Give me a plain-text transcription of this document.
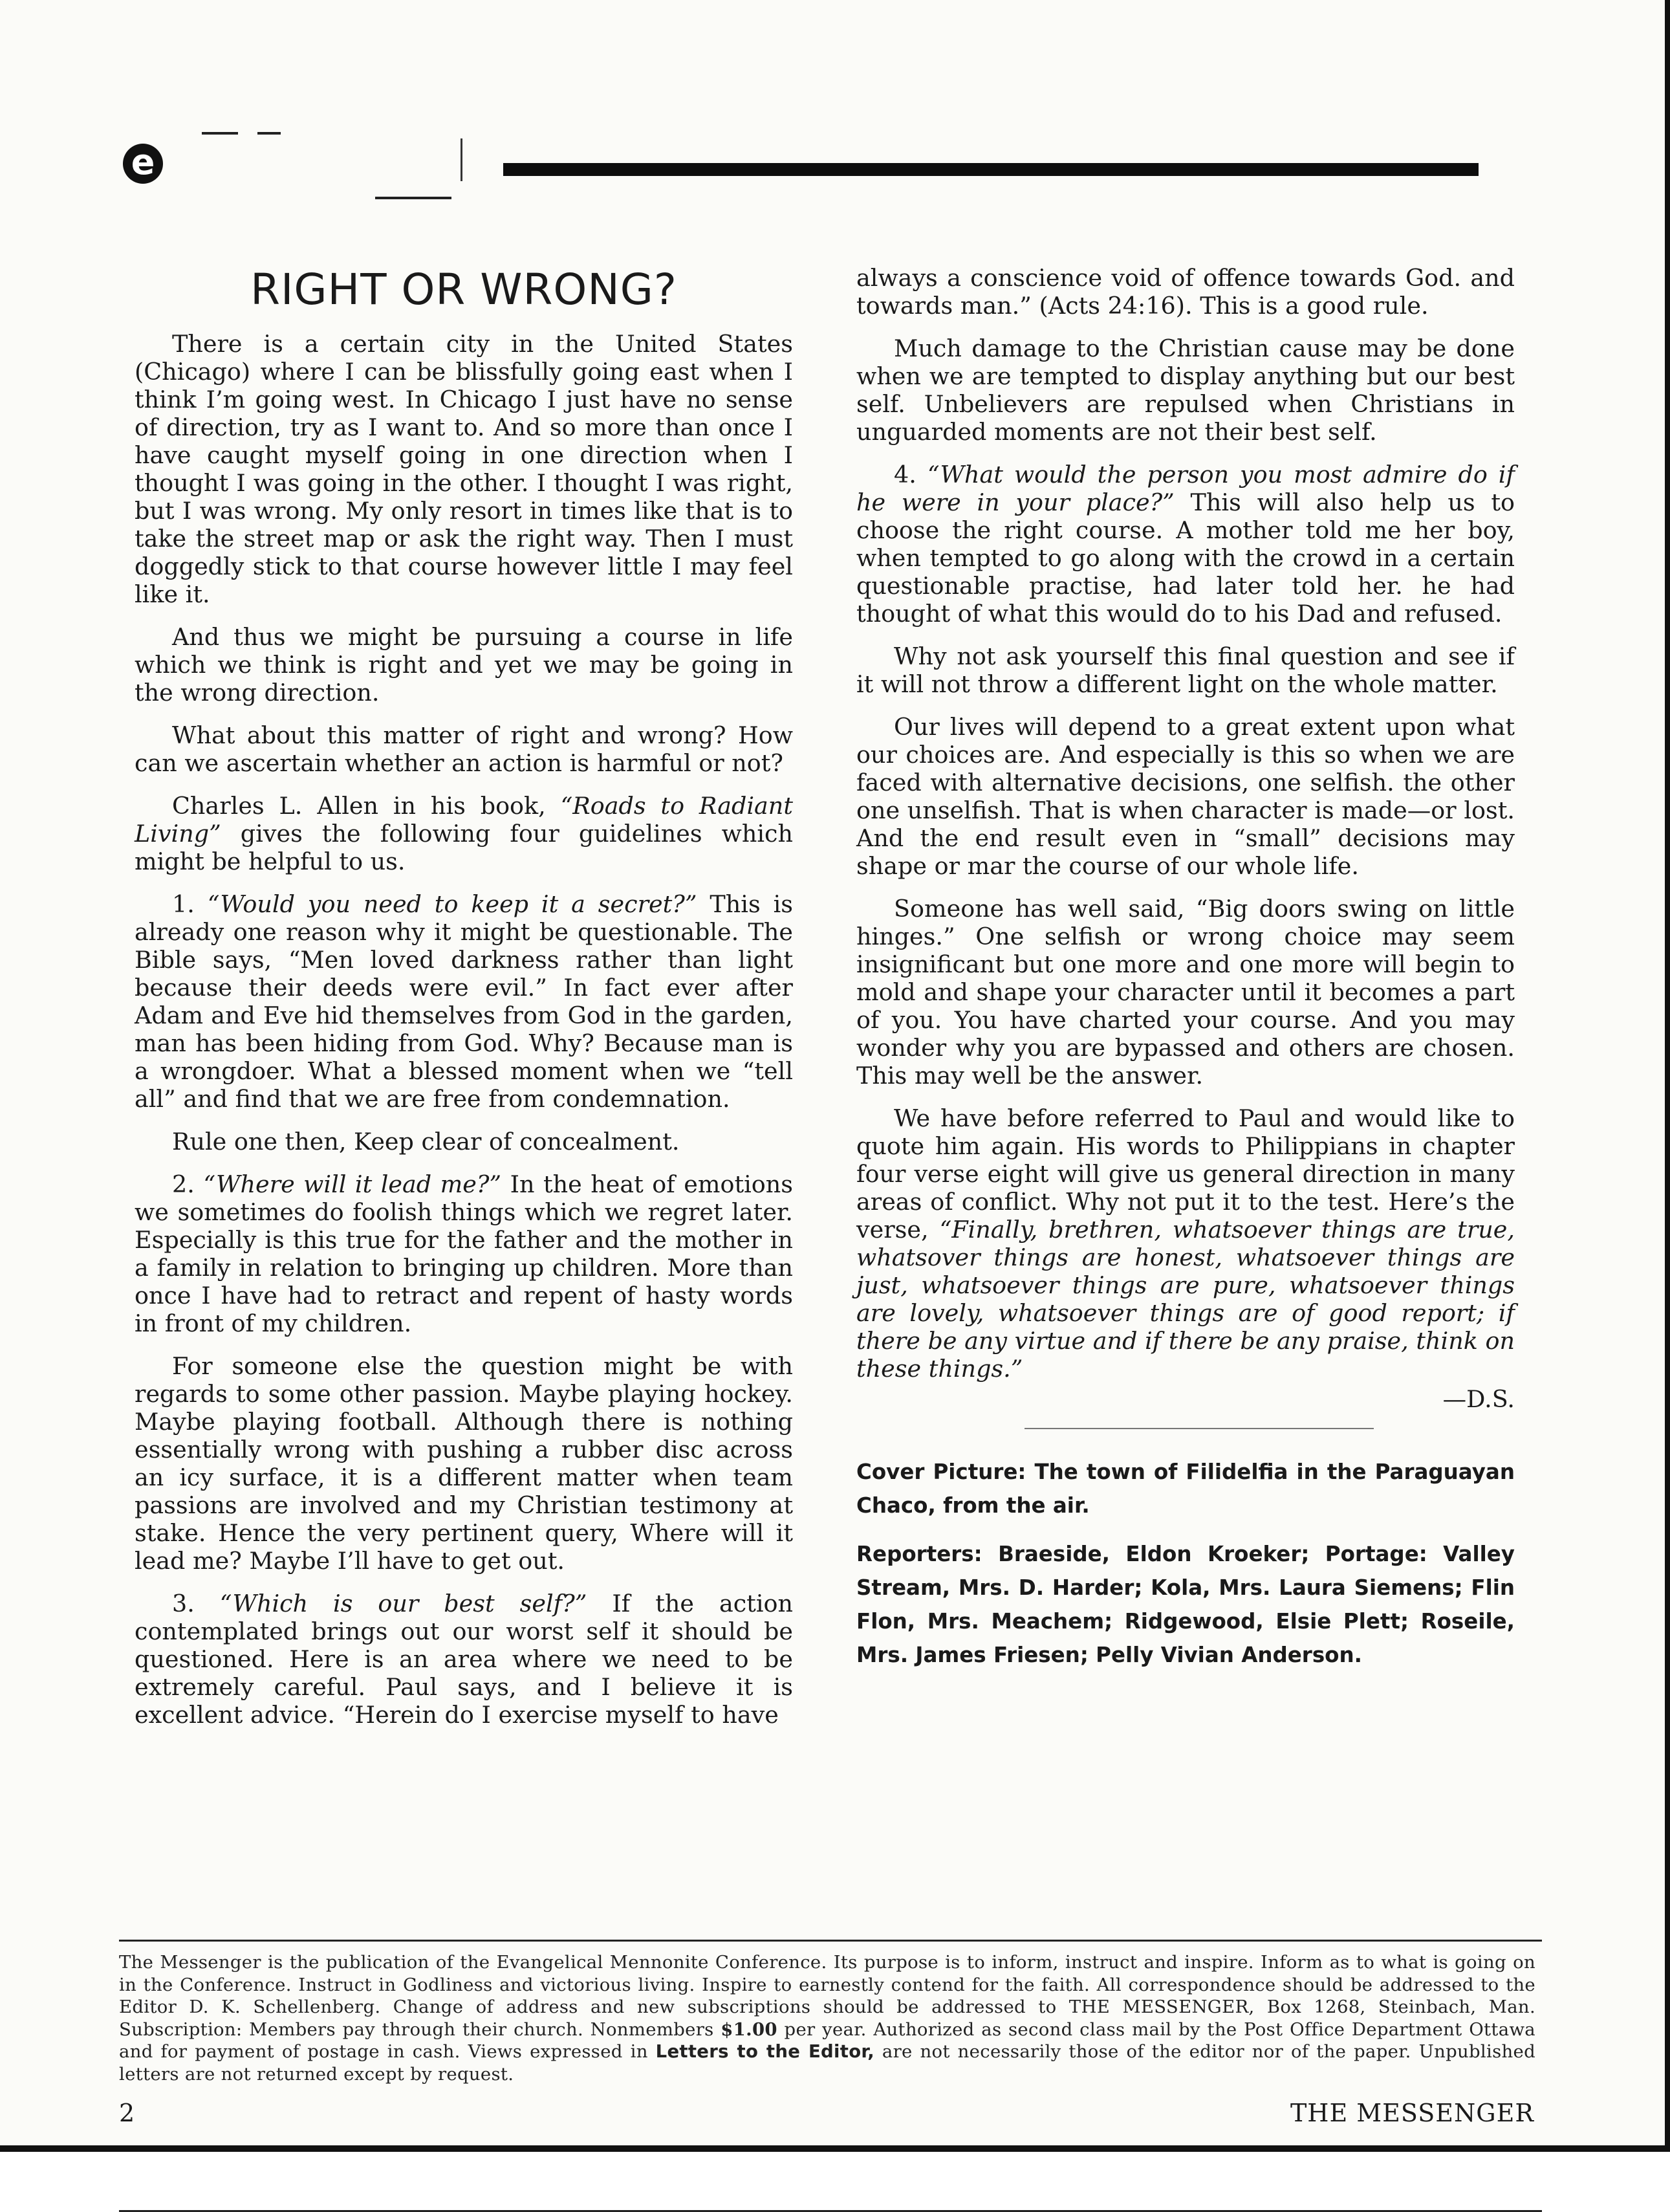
e
RIGHT OR WRONG?

There is a certain city in the United States (Chicago) where I can be blissfully going east when I think I’m going west. In Chicago I just have no sense of direction, try as I want to. And so more than once I have caught myself going in one direction when I thought I was going in the other. I thought I was right, but I was wrong. My only resort in times like that is to take the street map or ask the right way. Then I must doggedly stick to that course however little I may feel like it.

And thus we might be pursuing a course in life which we think is right and yet we may be going in the wrong direction.

What about this matter of right and wrong? How can we ascertain whether an action is harmful or not?

Charles L. Allen in his book, “Roads to Radiant Living” gives the following four guidelines which might be helpful to us.

1. “Would you need to keep it a secret?” This is already one reason why it might be questionable. The Bible says, “Men loved darkness rather than light because their deeds were evil.” In fact ever after Adam and Eve hid themselves from God in the garden, man has been hiding from God. Why? Because man is a wrongdoer. What a blessed moment when we “tell all” and find that we are free from condemnation.

Rule one then, Keep clear of concealment.

2. “Where will it lead me?” In the heat of emotions we sometimes do foolish things which we regret later. Especially is this true for the father and the mother in a family in relation to bringing up children. More than once I have had to retract and repent of hasty words in front of my children.

For someone else the question might be with regards to some other passion. Maybe playing hockey. Maybe playing football. Although there is nothing essentially wrong with pushing a rubber disc across an icy surface, it is a different matter when team passions are involved and my Christian testimony at stake. Hence the very pertinent query, Where will it lead me? Maybe I’ll have to get out.

3. “Which is our best self?” If the action contemplated brings out our worst self it should be questioned. Here is an area where we need to be extremely careful. Paul says, and I believe it is excellent advice. “Herein do I exercise myself to have

always a conscience void of offence towards God. and towards man.” (Acts 24:16). This is a good rule.

Much damage to the Christian cause may be done when we are tempted to display anything but our best self. Unbelievers are repulsed when Christians in unguarded moments are not their best self.

4. “What would the person you most admire do if he were in your place?” This will also help us to choose the right course. A mother told me her boy, when tempted to go along with the crowd in a certain questionable practise, had later told her. he had thought of what this would do to his Dad and refused.

Why not ask yourself this final question and see if it will not throw a different light on the whole matter.

Our lives will depend to a great extent upon what our choices are. And especially is this so when we are faced with alternative decisions, one selfish. the other one unselfish. That is when character is made—or lost. And the end result even in “small” decisions may shape or mar the course of our whole life.

Someone has well said, “Big doors swing on little hinges.” One selfish or wrong choice may seem insignificant but one more and one more will begin to mold and shape your character until it becomes a part of you. You have charted your course. And you may wonder why you are bypassed and others are chosen. This may well be the answer.

We have before referred to Paul and would like to quote him again. His words to Philippians in chapter four verse eight will give us general direction in many areas of conflict. Why not put it to the test. Here’s the verse, “Finally, brethren, whatsoever things are true, whatsover things are honest, whatsoever things are just, whatsoever things are pure, whatsoever things are lovely, whatsoever things are of good report; if there be any virtue and if there be any praise, think on these things.”

—D.S.

Cover Picture: The town of Filidelfia in the Paraguayan Chaco, from the air.

Reporters: Braeside, Eldon Kroeker; Portage: Valley Stream, Mrs. D. Harder; Kola, Mrs. Laura Siemens; Flin Flon, Mrs. Meachem; Ridgewood, Elsie Plett; Roseile, Mrs. James Friesen; Pelly Vivian Anderson.

The Messenger is the publication of the Evangelical Mennonite Conference. Its purpose is to inform, instruct and inspire. Inform as to what is going on in the Conference. Instruct in Godliness and victorious living. Inspire to earnestly contend for the faith. All correspondence should be addressed to the Editor D. K. Schellenberg. Change of address and new subscriptions should be addressed to THE MESSENGER, Box 1268, Steinbach, Man. Subscription: Members pay through their church. Nonmembers $1.00 per year. Authorized as second class mail by the Post Office Department Ottawa and for payment of postage in cash. Views expressed in Letters to the Editor, are not necessarily those of the editor nor of the paper. Unpublished letters are not returned except by request.
2	THE MESSENGER
